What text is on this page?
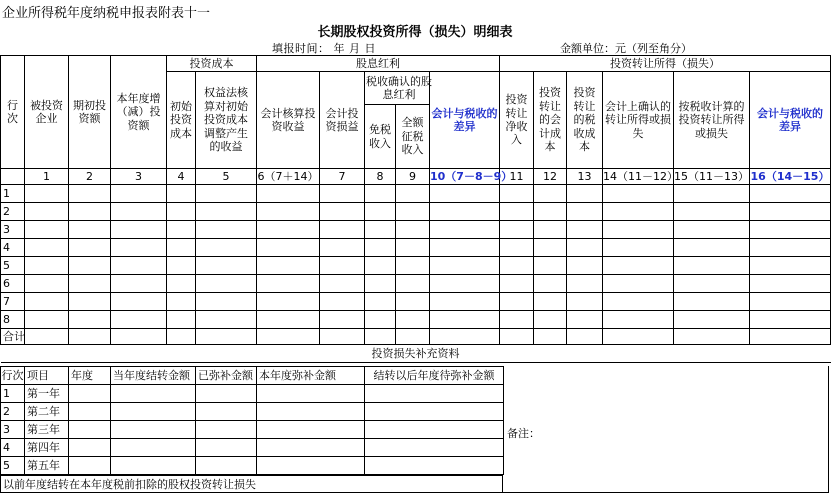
企业所得税年度纳税申报表附表十一
长期股权投资所得（损失）明细表
填报时间： 年 月 日	金额单位：元（列至角分）
行次	被投资企业	期初投资额	本年度增（减）投资额	投资成本		股息红利					投资转让所得（损失）					

				初始投资成本	权益法核算对初始投资成本调整产生的收益	会计核算投资收益	会计投资损益	税收确认的股息红利		会计与税收的差异	投资转让净收入	投资转让的会计成本	投资转让的税收成本	会计上确认的转让所得或损失	按税收计算的投资转让所得或损失	会计与税收的差异

								免税收入	全额征税收入							

	1	2	3	4	5	6（7＋14）	7	8	9	10（7－8－9）	11	12	13	14（11－12）	15（11－13）	16（14－15）
1																
2																
3																
4																
5																
6																
7																
8																
合计																
投资损失补充资料																
行次	项目	年度	当年度结转金额	已弥补金额	本年度弥补金额	结转以后年度待弥补金额
1	第一年					
2	第二年					
3	第三年					
4	第四年					
5	第五年					
备注：
以前年度结转在本年度税前扣除的股权投资转让损失
